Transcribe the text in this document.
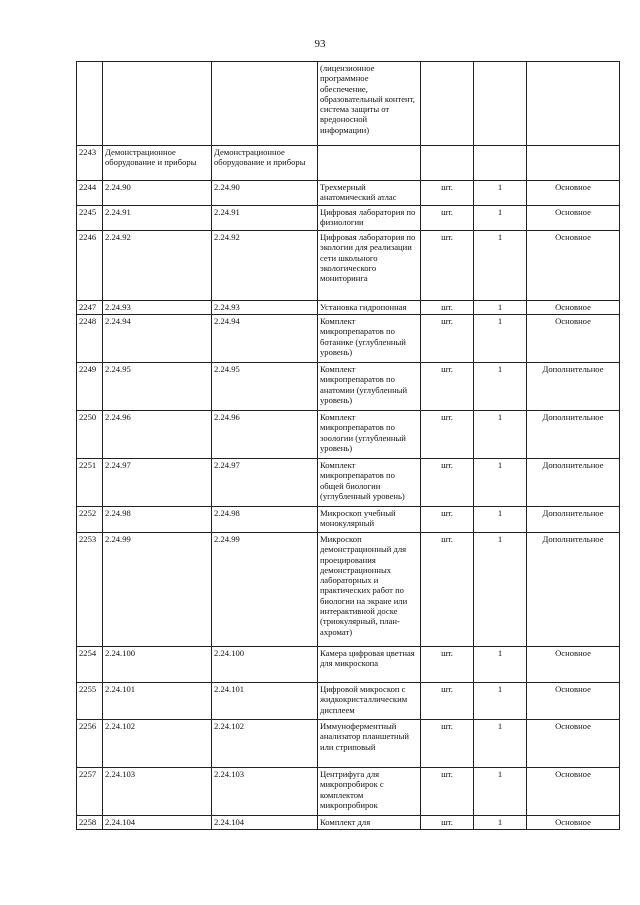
93
			(лицензионное программное обеспечение, образовательный контент, система защиты от вредоносной информации)			
2243	Демонстрационное оборудование и приборы	Демонстрационное оборудование и приборы				
2244	2.24.90	2.24.90	Трехмерный анатомический атлас	шт.	1	Основное
2245	2.24.91	2.24.91	Цифровая лаборатория по физиологии	шт.	1	Основное
2246	2.24.92	2.24.92	Цифровая лаборатория по экологии для реализации сети школьного экологического мониторинга	шт.	1	Основное
2247	2.24.93	2.24.93	Установка гидропонная	шт.	1	Основное
2248	2.24.94	2.24.94	Комплект микропрепаратов по ботанике (углубленный уровень)	шт.	1	Основное
2249	2.24.95	2.24.95	Комплект микропрепаратов по анатомии (углубленный уровень)	шт.	1	Дополнительное
2250	2.24.96	2.24.96	Комплект микропрепаратов по зоологии (углубленный уровень)	шт.	1	Дополнительное
2251	2.24.97	2.24.97	Комплект микропрепаратов по общей биологии (углубленный уровень)	шт.	1	Дополнительное
2252	2.24.98	2.24.98	Микроскоп учебный монокулярный	шт.	1	Дополнительное
2253	2.24.99	2.24.99	Микроскоп демонстрационный для проецирования демонстрационных лабораторных и практических работ по биологии на экране или интерактивной доске (триокулярный, план-ахромат)	шт.	1	Дополнительное
2254	2.24.100	2.24.100	Камера цифровая цветная для микроскопа	шт.	1	Основное
2255	2.24.101	2.24.101	Цифровой микроскоп с жидкокристаллическим дисплеем	шт.	1	Основное
2256	2.24.102	2.24.102	Иммуноферментный анализатор планшетный или стриповый	шт.	1	Основное
2257	2.24.103	2.24.103	Центрифуга для микропробирок с комплектом микропробирок	шт.	1	Основное
2258	2.24.104	2.24.104	Комплект для	шт.	1	Основное
